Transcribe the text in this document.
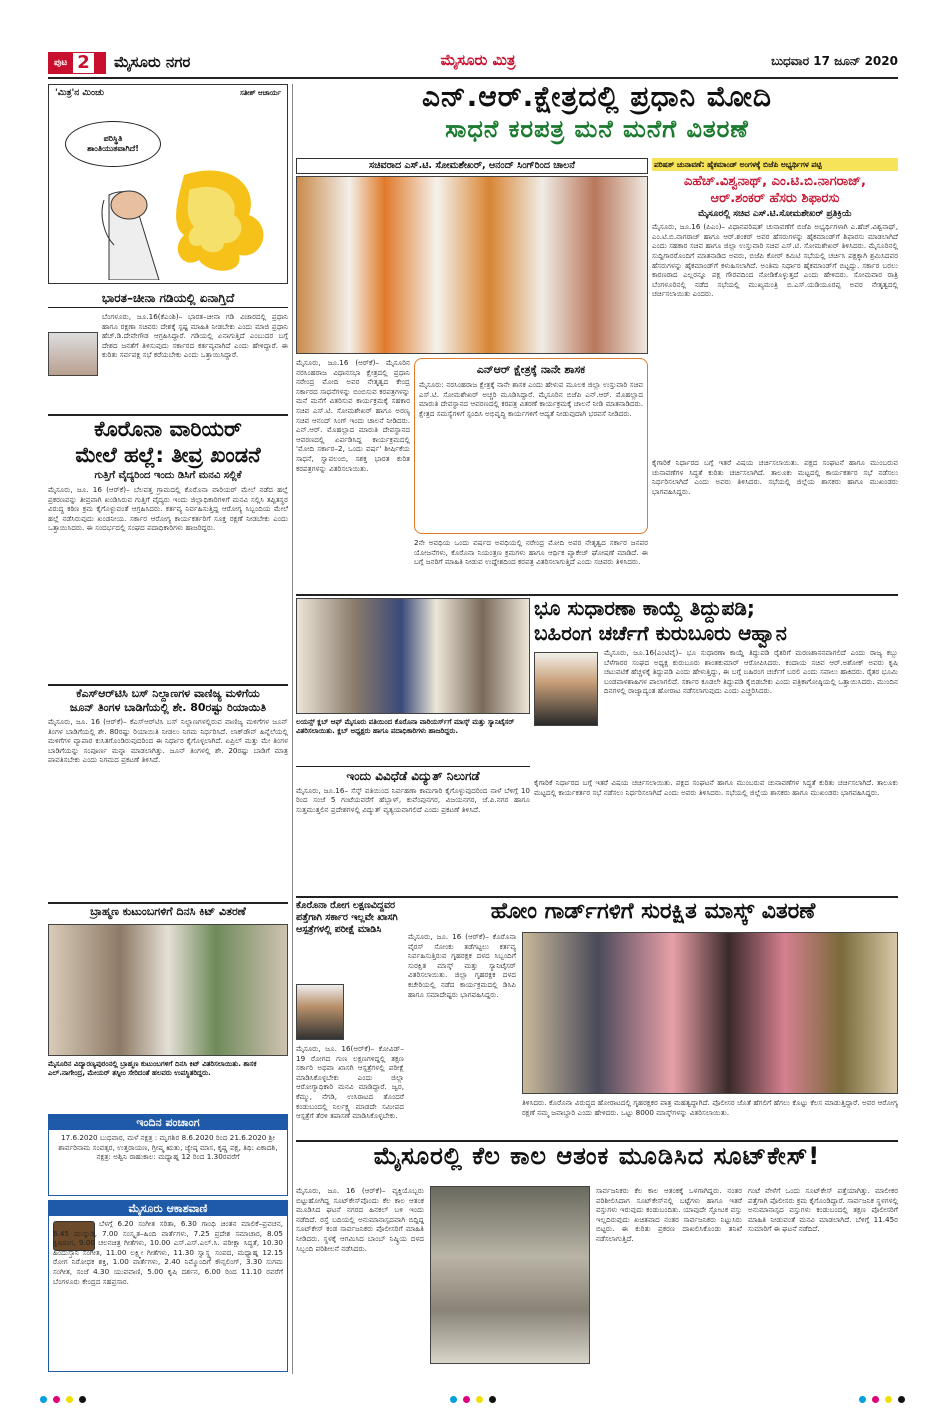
ಪುಟ 2 ಮೈಸೂರು ನಗರ	ಮೈಸೂರು ಮಿತ್ರ	ಬುಧವಾರ 17 ಜೂನ್ 2020
'ಮಿತ್ರ'ನ ಮಿಂಚು	ಸತೀಶ್ ಆಚಾರ್ಯ
ಪರಿಸ್ಥಿತಿ ಶಾಂತಿಯುತವಾಗಿದೆ!
ಭಾರತ–ಚೀನಾ ಗಡಿಯಲ್ಲಿ ಏನಾಗ್ತಿದೆ
ಬೆಂಗಳೂರು, ಜೂ.16(ಕೆಎಂಶಿ)– ಭಾರತ–ಚೀನಾ ಗಡಿ ವಿಚಾರದಲ್ಲಿ ಪ್ರಧಾನಿ ಹಾಗೂ ರಕ್ಷಣಾ ಸಚಿವರು ದೇಶಕ್ಕೆ ಸ್ಪಷ್ಟ ಮಾಹಿತಿ ನೀಡಬೇಕು ಎಂದು ಮಾಜಿ ಪ್ರಧಾನಿ ಹೆಚ್.ಡಿ.ದೇವೇಗೌಡ ಆಗ್ರಹಿಸಿದ್ದಾರೆ. ಗಡಿಯಲ್ಲಿ ಏನಾಗುತ್ತಿದೆ ಎಂಬುದರ ಬಗ್ಗೆ ದೇಶದ ಜನತೆಗೆ ತಿಳಿಸುವುದು ಸರ್ಕಾರದ ಕರ್ತವ್ಯವಾಗಿದೆ ಎಂದು ಹೇಳಿದ್ದಾರೆ. ಈ ಕುರಿತು ಸರ್ವಪಕ್ಷ ಸಭೆ ಕರೆಯಬೇಕು ಎಂದು ಒತ್ತಾಯಿಸಿದ್ದಾರೆ.
ಕೊರೊನಾ ವಾರಿಯರ್
ಮೇಲೆ ಹಲ್ಲೆ: ತೀವ್ರ ಖಂಡನೆ
ಗುತ್ತಿಗೆ ವೈದ್ಯರಿಂದ ಇಂದು ಡಿಸಿಗೆ ಮನವಿ ಸಲ್ಲಿಕೆ
ಮೈಸೂರು, ಜೂ. 16 (ಆರ್‌ಕೆ)– ಬೆಲವತ್ತ ಗ್ರಾಮದಲ್ಲಿ ಕೊರೊನಾ ವಾರಿಯರ್ ಮೇಲೆ ನಡೆದ ಹಲ್ಲೆ ಪ್ರಕರಣವನ್ನು ತೀವ್ರವಾಗಿ ಖಂಡಿಸಿರುವ ಗುತ್ತಿಗೆ ವೈದ್ಯರು ಇಂದು ಜಿಲ್ಲಾಧಿಕಾರಿಗಳಿಗೆ ಮನವಿ ಸಲ್ಲಿಸಿ ತಪ್ಪಿತಸ್ಥರ ವಿರುದ್ಧ ಕಠಿಣ ಕ್ರಮ ಕೈಗೊಳ್ಳುವಂತೆ ಆಗ್ರಹಿಸಿದರು. ಕರ್ತವ್ಯ ನಿರ್ವಹಿಸುತ್ತಿದ್ದ ಆರೋಗ್ಯ ಸಿಬ್ಬಂದಿಯ ಮೇಲೆ ಹಲ್ಲೆ ನಡೆಸಿರುವುದು ಖಂಡನೀಯ. ಸರ್ಕಾರ ಆರೋಗ್ಯ ಕಾರ್ಯಕರ್ತರಿಗೆ ಸೂಕ್ತ ರಕ್ಷಣೆ ನೀಡಬೇಕು ಎಂದು ಒತ್ತಾಯಿಸಿದರು. ಈ ಸಂದರ್ಭದಲ್ಲಿ ಸಂಘದ ಪದಾಧಿಕಾರಿಗಳು ಹಾಜರಿದ್ದರು.
ಕೆಎಸ್‌ಆರ್‌ಟಿಸಿ ಬಸ್ ನಿಲ್ದಾಣಗಳ ವಾಣಿಜ್ಯ ಮಳಿಗೆಯ
ಜೂನ್ ತಿಂಗಳ ಬಾಡಿಗೆಯಲ್ಲಿ ಶೇ. 80ರಷ್ಟು ರಿಯಾಯಿತಿ
ಮೈಸೂರು, ಜೂ. 16 (ಆರ್‌ಕೆ)– ಕೆಎಸ್‌ಆರ್‌ಟಿಸಿ ಬಸ್ ನಿಲ್ದಾಣಗಳಲ್ಲಿರುವ ವಾಣಿಜ್ಯ ಮಳಿಗೆಗಳ ಜೂನ್ ತಿಂಗಳ ಬಾಡಿಗೆಯಲ್ಲಿ ಶೇ. 80ರಷ್ಟು ರಿಯಾಯಿತಿ ನೀಡಲು ನಿಗಮ ನಿರ್ಧರಿಸಿದೆ. ಲಾಕ್‌ಡೌನ್ ಹಿನ್ನೆಲೆಯಲ್ಲಿ ಮಳಿಗೆಗಳ ವ್ಯಾಪಾರ ಕುಸಿತಗೊಂಡಿರುವುದರಿಂದ ಈ ನಿರ್ಧಾರ ಕೈಗೊಳ್ಳಲಾಗಿದೆ. ಏಪ್ರಿಲ್ ಮತ್ತು ಮೇ ತಿಂಗಳ ಬಾಡಿಗೆಯನ್ನು ಸಂಪೂರ್ಣ ಮನ್ನಾ ಮಾಡಲಾಗಿತ್ತು. ಜೂನ್ ತಿಂಗಳಲ್ಲಿ ಶೇ. 20ರಷ್ಟು ಬಾಡಿಗೆ ಮಾತ್ರ ಪಾವತಿಸಬೇಕು ಎಂದು ನಿಗಮದ ಪ್ರಕಟಣೆ ತಿಳಿಸಿದೆ.
ಬ್ರಾಹ್ಮಣ ಕುಟುಂಬಗಳಿಗೆ ದಿನಸಿ ಕಿಟ್ ವಿತರಣೆ
ಮೈಸೂರಿನ ವಿದ್ಯಾರಣ್ಯಪುರಂನಲ್ಲಿ ಬ್ರಾಹ್ಮಣ ಕುಟುಂಬಗಳಿಗೆ ದಿನಸಿ ಕಿಟ್ ವಿತರಿಸಲಾಯಿತು. ಶಾಸಕ ಎಲ್.ನಾಗೇಂದ್ರ, ಮೇಯರ್ ತಸ್ನೀಂ ಸೇರಿದಂತೆ ಹಲವರು ಉಪಸ್ಥಿತರಿದ್ದರು.
ಇಂದಿನ ಪಂಚಾಂಗ
17.6.2020 ಬುಧವಾರ, ಮಳೆ ನಕ್ಷತ್ರ : ಮೃಗಶಿರ 8.6.2020 ರಿಂದ 21.6.2020 ಶ್ರೀ ಶಾರ್ವರಿನಾಮ ಸಂವತ್ಸರ, ಉತ್ತರಾಯಣ, ಗ್ರೀಷ್ಮ ಋತು, ಜ್ಯೇಷ್ಠ ಮಾಸ, ಕೃಷ್ಣ ಪಕ್ಷ, ತಿಥಿ: ಏಕಾದಶಿ, ನಕ್ಷತ್ರ: ಅಶ್ವಿನಿ ರಾಹುಕಾಲ: ಮಧ್ಯಾಹ್ನ 12 ರಿಂದ 1.30ರವರೆಗೆ
ಮೈಸೂರು ಆಕಾಶವಾಣಿ
ಬೆಳಗ್ಗೆ 6.20 ಸಂಗೀತ ಸರಿತಾ, 6.30 ಗಾಂಧಿ ಚಿಂತನ ಮಾಲಿಕೆ–ಪ್ರವಚನ, 6.45 ಮುನ್ನುಡಿ, 7.00 ಸಂಸ್ಕೃತ–ಹಿಂದಿ ವಾರ್ತೆಗಳು, 7.25 ಪ್ರದೇಶ ಸಮಾಚಾರ, 8.05 ಕೃಷಿರಂಗ, 9.00 ಚಲನಚಿತ್ರ ಗೀತೆಗಳು, 10.00 ಎಸ್.ಎಸ್.ಎಲ್.ಸಿ. ಪರೀಕ್ಷಾ ಸಿದ್ಧತೆ, 10.30 ಹಿಂದುಸ್ತಾನಿ ಸಂಗೀತ, 11.00 ಲಕ್ಷ್ಮೀ ಗೀತೆಗಳು, 11.30 ಸ್ವಾಸ್ಥ್ಯ ಸಂಪದ, ಮಧ್ಯಾಹ್ನ 12.15 ರೋಗ ನಿರೋಧಕ ಶಕ್ತಿ, 1.00 ವಾರ್ತೆಗಳು, 2.40 ನಿಮ್ಮೊಂದಿಗೆ ಕೌನ್ಸಲಿಂಗ್, 3.30 ಸುಗಮ ಸಂಗೀತ, ಸಂಜೆ 4.30 ಯುವವಾಣಿ, 5.00 ಕೃಷಿ ದರ್ಶನ, 6.00 ರಿಂದ 11.10 ರವರೆಗೆ ಬೆಂಗಳೂರು ಕೇಂದ್ರದ ಸಹಪ್ರಸಾರ.
ಎನ್.ಆರ್.ಕ್ಷೇತ್ರದಲ್ಲಿ ಪ್ರಧಾನಿ ಮೋದಿ
ಸಾಧನೆ ಕರಪತ್ರ ಮನೆ ಮನೆಗೆ ವಿತರಣೆ
ಸಚಿವರಾದ ಎಸ್.ಟಿ. ಸೋಮಶೇಖರ್, ಆನಂದ್ ಸಿಂಗ್‌ರಿಂದ ಚಾಲನೆ
ಮೈಸೂರು, ಜೂ.16 (ಆರ್‌ಕೆ)– ಮೈಸೂರಿನ ನರಸಿಂಹರಾಜ ವಿಧಾನಸಭಾ ಕ್ಷೇತ್ರದಲ್ಲಿ ಪ್ರಧಾನಿ ನರೇಂದ್ರ ಮೋದಿ ಅವರ ನೇತೃತ್ವದ ಕೇಂದ್ರ ಸರ್ಕಾರದ ಸಾಧನೆಗಳನ್ನು ಬಿಂಬಿಸುವ ಕರಪತ್ರಗಳನ್ನು ಮನೆ ಮನೆಗೆ ವಿತರಿಸುವ ಕಾರ್ಯಕ್ರಮಕ್ಕೆ ಸಹಕಾರ ಸಚಿವ ಎಸ್.ಟಿ. ಸೋಮಶೇಖರ್ ಹಾಗೂ ಅರಣ್ಯ ಸಚಿವ ಆನಂದ್ ಸಿಂಗ್ ಇಂದು ಚಾಲನೆ ನೀಡಿದರು. ಎನ್.ಆರ್. ಮೊಹಲ್ಲಾದ ಮಾರುತಿ ದೇವಸ್ಥಾನದ ಆವರಣದಲ್ಲಿ ಏರ್ಪಡಿಸಿದ್ದ ಕಾರ್ಯಕ್ರಮದಲ್ಲಿ 'ಮೋದಿ ಸರ್ಕಾರ–2, ಒಂದು ವರ್ಷ' ಶೀರ್ಷಿಕೆಯ ಸಾಧನೆ, ಸ್ವಾವಲಂಬಿ, ಸಶಕ್ತ ಭಾರತ ಕುರಿತ ಕರಪತ್ರಗಳನ್ನು ವಿತರಿಸಲಾಯಿತು.
ಎನ್‌ಆರ್ ಕ್ಷೇತ್ರಕ್ಕೆ ನಾನೇ ಶಾಸಕ
ಮೈಸೂರು: ನರಸಿಂಹರಾಜ ಕ್ಷೇತ್ರಕ್ಕೆ ನಾನೇ ಶಾಸಕ ಎಂದು ಹೇಳುವ ಮೂಲಕ ಜಿಲ್ಲಾ ಉಸ್ತುವಾರಿ ಸಚಿವ ಎಸ್.ಟಿ. ಸೋಮಶೇಖರ್ ಅಚ್ಚರಿ ಮೂಡಿಸಿದ್ದಾರೆ. ಮೈಸೂರಿನ ಬಿಜೆಪಿ ಎನ್.ಆರ್. ಮೊಹಲ್ಲಾದ ಮಾರುತಿ ದೇವಸ್ಥಾನದ ಆವರಣದಲ್ಲಿ ಕರಪತ್ರ ವಿತರಣೆ ಕಾರ್ಯಕ್ರಮಕ್ಕೆ ಚಾಲನೆ ನೀಡಿ ಮಾತನಾಡಿದರು. ಕ್ಷೇತ್ರದ ಸಮಸ್ಯೆಗಳಿಗೆ ಸ್ಪಂದಿಸಿ ಅಭಿವೃದ್ಧಿ ಕಾರ್ಯಗಳಿಗೆ ಆದ್ಯತೆ ನೀಡುವುದಾಗಿ ಭರವಸೆ ನೀಡಿದರು.
2ನೇ ಅವಧಿಯ ಒಂದು ವರ್ಷದ ಅವಧಿಯಲ್ಲಿ ನರೇಂದ್ರ ಮೋದಿ ಅವರ ನೇತೃತ್ವದ ಸರ್ಕಾರ ಜನಪರ ಯೋಜನೆಗಳು, ಕೊರೊನಾ ನಿಯಂತ್ರಣ ಕ್ರಮಗಳು ಹಾಗೂ ಆರ್ಥಿಕ ಪ್ಯಾಕೇಜ್ ಘೋಷಣೆ ಮಾಡಿದೆ. ಈ ಬಗ್ಗೆ ಜನರಿಗೆ ಮಾಹಿತಿ ನೀಡುವ ಉದ್ದೇಶದಿಂದ ಕರಪತ್ರ ವಿತರಿಸಲಾಗುತ್ತಿದೆ ಎಂದು ಸಚಿವರು ತಿಳಿಸಿದರು.
ಪರಿಷತ್ ಚುನಾವಣೆ: ಹೈಕಮಾಂಡ್ ಅಂಗಳಕ್ಕೆ ಬಿಜೆಪಿ ಅಭ್ಯರ್ಥಿಗಳ ಪಟ್ಟಿ
ಎಹೆಚ್.ವಿಶ್ವನಾಥ್, ಎಂ.ಟಿ.ಬಿ.ನಾಗರಾಜ್,
ಆರ್.ಶಂಕರ್ ಹೆಸರು ಶಿಫಾರಸು
ಮೈಸೂರಲ್ಲಿ ಸಚಿವ ಎಸ್.ಟಿ.ಸೋಮಶೇಖರ್ ಪ್ರತಿಕ್ರಿಯೆ
ಮೈಸೂರು, ಜೂ.16 (ಪಿಎಂ)– ವಿಧಾನಪರಿಷತ್ ಚುನಾವಣೆಗೆ ಬಿಜೆಪಿ ಅಭ್ಯರ್ಥಿಗಳಾಗಿ ಎ.ಹೆಚ್.ವಿಶ್ವನಾಥ್, ಎಂ.ಟಿ.ಬಿ.ನಾಗರಾಜ್ ಹಾಗೂ ಆರ್.ಶಂಕರ್ ಅವರ ಹೆಸರುಗಳನ್ನು ಹೈಕಮಾಂಡ್‌ಗೆ ಶಿಫಾರಸು ಮಾಡಲಾಗಿದೆ ಎಂದು ಸಹಕಾರ ಸಚಿವ ಹಾಗೂ ಜಿಲ್ಲಾ ಉಸ್ತುವಾರಿ ಸಚಿವ ಎಸ್.ಟಿ. ಸೋಮಶೇಖರ್ ತಿಳಿಸಿದರು. ಮೈಸೂರಿನಲ್ಲಿ ಸುದ್ದಿಗಾರರೊಂದಿಗೆ ಮಾತನಾಡಿದ ಅವರು, ಬಿಜೆಪಿ ಕೋರ್ ಕಮಿಟಿ ಸಭೆಯಲ್ಲಿ ಚರ್ಚಿಸಿ ಪಕ್ಷಕ್ಕಾಗಿ ಶ್ರಮಿಸಿದವರ ಹೆಸರುಗಳನ್ನು ಹೈಕಮಾಂಡ್‌ಗೆ ಕಳುಹಿಸಲಾಗಿದೆ. ಅಂತಿಮ ನಿರ್ಧಾರ ಹೈಕಮಾಂಡ್‌ಗೆ ಬಿಟ್ಟದ್ದು. ಸರ್ಕಾರ ಬರಲು ಕಾರಣರಾದ ಎಲ್ಲರನ್ನೂ ಪಕ್ಷ ಗೌರವದಿಂದ ನೋಡಿಕೊಳ್ಳುತ್ತದೆ ಎಂದು ಹೇಳಿದರು. ಸೋಮವಾರ ರಾತ್ರಿ ಬೆಂಗಳೂರಿನಲ್ಲಿ ನಡೆದ ಸಭೆಯಲ್ಲಿ ಮುಖ್ಯಮಂತ್ರಿ ಬಿ.ಎಸ್.ಯಡಿಯೂರಪ್ಪ ಅವರ ನೇತೃತ್ವದಲ್ಲಿ ಚರ್ಚಿಸಲಾಯಿತು ಎಂದರು.
ಕೈಗಾರಿಕೆ ನಿರ್ಧಾರದ ಬಗ್ಗೆ ಇತರೆ ವಿಷಯ ಚರ್ಚಿಸಲಾಯಿತು. ಪಕ್ಷದ ಸಂಘಟನೆ ಹಾಗೂ ಮುಂಬರುವ ಚುನಾವಣೆಗಳ ಸಿದ್ಧತೆ ಕುರಿತು ಚರ್ಚಿಸಲಾಗಿದೆ. ತಾಲೂಕು ಮಟ್ಟದಲ್ಲಿ ಕಾರ್ಯಕರ್ತರ ಸಭೆ ನಡೆಸಲು ನಿರ್ಧರಿಸಲಾಗಿದೆ ಎಂದು ಅವರು ತಿಳಿಸಿದರು. ಸಭೆಯಲ್ಲಿ ಜಿಲ್ಲೆಯ ಶಾಸಕರು ಹಾಗೂ ಮುಖಂಡರು ಭಾಗವಹಿಸಿದ್ದರು.
ಲಯನ್ಸ್ ಕ್ಲಬ್ ಆಫ್ ಮೈಸೂರು ವತಿಯಿಂದ ಕೊರೊನಾ ವಾರಿಯರ್ಸ್‌ಗೆ ಮಾಸ್ಕ್ ಮತ್ತು ಸ್ಯಾನಿಟೈಸರ್ ವಿತರಿಸಲಾಯಿತು. ಕ್ಲಬ್ ಅಧ್ಯಕ್ಷರು ಹಾಗೂ ಪದಾಧಿಕಾರಿಗಳು ಹಾಜರಿದ್ದರು.
ಭೂ ಸುಧಾರಣಾ ಕಾಯ್ದೆ ತಿದ್ದುಪಡಿ;
ಬಹಿರಂಗ ಚರ್ಚೆಗೆ ಕುರುಬೂರು ಆಹ್ವಾನ
ಮೈಸೂರು, ಜೂ.16(ಎಂಟಿವೈ)– ಭೂ ಸುಧಾರಣಾ ಕಾಯ್ದೆ ತಿದ್ದುಪಡಿ ರೈತರಿಗೆ ಮರಣಶಾಸನವಾಗಲಿದೆ ಎಂದು ರಾಜ್ಯ ಕಬ್ಬು ಬೆಳೆಗಾರರ ಸಂಘದ ಅಧ್ಯಕ್ಷ ಕುರುಬೂರು ಶಾಂತಕುಮಾರ್ ಆರೋಪಿಸಿದರು. ಕಂದಾಯ ಸಚಿವ ಆರ್.ಅಶೋಕ್ ಅವರು ಕೃಷಿ ಚಟುವಟಿಕೆ ಹೆಚ್ಚಳಕ್ಕೆ ತಿದ್ದುಪಡಿ ಎಂದು ಹೇಳುತ್ತಿದ್ದು, ಈ ಬಗ್ಗೆ ಬಹಿರಂಗ ಚರ್ಚೆಗೆ ಬರಲಿ ಎಂದು ಸವಾಲು ಹಾಕಿದರು. ರೈತರ ಭೂಮಿ ಬಂಡವಾಳಶಾಹಿಗಳ ಪಾಲಾಗಲಿದೆ. ಸರ್ಕಾರ ಕೂಡಲೇ ತಿದ್ದುಪಡಿ ಕೈಬಿಡಬೇಕು ಎಂದು ಪತ್ರಿಕಾಗೋಷ್ಠಿಯಲ್ಲಿ ಒತ್ತಾಯಿಸಿದರು. ಮುಂದಿನ ದಿನಗಳಲ್ಲಿ ರಾಜ್ಯಾದ್ಯಂತ ಹೋರಾಟ ನಡೆಸಲಾಗುವುದು ಎಂದು ಎಚ್ಚರಿಸಿದರು.
ಇಂದು ವಿವಿಧೆಡೆ ವಿದ್ಯುತ್ ನಿಲುಗಡೆ
ಮೈಸೂರು, ಜೂ.16– ಸೆಸ್ಕ್ ವತಿಯಿಂದ ನಿರ್ವಹಣಾ ಕಾಮಗಾರಿ ಕೈಗೊಳ್ಳುವುದರಿಂದ ನಾಳೆ ಬೆಳಿಗ್ಗೆ 10 ರಿಂದ ಸಂಜೆ 5 ಗಂಟೆಯವರೆಗೆ ಹೆಬ್ಬಾಳ್, ಕುವೆಂಪುನಗರ, ವಿಜಯನಗರ, ಜೆ.ಪಿ.ನಗರ ಹಾಗೂ ಸುತ್ತಮುತ್ತಲಿನ ಪ್ರದೇಶಗಳಲ್ಲಿ ವಿದ್ಯುತ್ ವ್ಯತ್ಯಯವಾಗಲಿದೆ ಎಂದು ಪ್ರಕಟಣೆ ತಿಳಿಸಿದೆ.
ಕೈಗಾರಿಕೆ ನಿರ್ಧಾರದ ಬಗ್ಗೆ ಇತರೆ ವಿಷಯ ಚರ್ಚಿಸಲಾಯಿತು. ಪಕ್ಷದ ಸಂಘಟನೆ ಹಾಗೂ ಮುಂಬರುವ ಚುನಾವಣೆಗಳ ಸಿದ್ಧತೆ ಕುರಿತು ಚರ್ಚಿಸಲಾಗಿದೆ. ತಾಲೂಕು ಮಟ್ಟದಲ್ಲಿ ಕಾರ್ಯಕರ್ತರ ಸಭೆ ನಡೆಸಲು ನಿರ್ಧರಿಸಲಾಗಿದೆ ಎಂದು ಅವರು ತಿಳಿಸಿದರು. ಸಭೆಯಲ್ಲಿ ಜಿಲ್ಲೆಯ ಶಾಸಕರು ಹಾಗೂ ಮುಖಂಡರು ಭಾಗವಹಿಸಿದ್ದರು.
ಕೊರೊನಾ ರೋಗ ಲಕ್ಷಣವಿದ್ದವರ ಪತ್ತೆಗಾಗಿ ಸರ್ಕಾರ ಇಲ್ಲವೇ ಖಾಸಗಿ ಆಸ್ಪತ್ರೆಗಳಲ್ಲಿ ಪರೀಕ್ಷೆ ಮಾಡಿಸಿ
ಮೈಸೂರು, ಜೂ. 16(ಆರ್‌ಕೆ)– ಕೋವಿಡ್–19 ರೋಗದ ಗುಣ ಲಕ್ಷಣಗಳಿದ್ದಲ್ಲಿ ತಕ್ಷಣ ಸರ್ಕಾರಿ ಅಥವಾ ಖಾಸಗಿ ಆಸ್ಪತ್ರೆಗಳಲ್ಲಿ ಪರೀಕ್ಷೆ ಮಾಡಿಸಿಕೊಳ್ಳಬೇಕು ಎಂದು ಜಿಲ್ಲಾ ಆರೋಗ್ಯಾಧಿಕಾರಿ ಮನವಿ ಮಾಡಿದ್ದಾರೆ. ಜ್ವರ, ಕೆಮ್ಮು, ನೆಗಡಿ, ಉಸಿರಾಟದ ತೊಂದರೆ ಕಂಡುಬಂದಲ್ಲಿ ನಿರ್ಲಕ್ಷ್ಯ ಮಾಡದೇ ಸಮೀಪದ ಆಸ್ಪತ್ರೆಗೆ ತೆರಳಿ ತಪಾಸಣೆ ಮಾಡಿಸಿಕೊಳ್ಳಬೇಕು.
ಹೋಂ ಗಾರ್ಡ್‌ಗಳಿಗೆ ಸುರಕ್ಷಿತ ಮಾಸ್ಕ್ ವಿತರಣೆ
ಮೈಸೂರು, ಜೂ. 16 (ಆರ್‌ಕೆ)– ಕೊರೊನಾ ವೈರಸ್ ಸೋಂಕು ತಡೆಗಟ್ಟಲು ಕರ್ತವ್ಯ ನಿರ್ವಹಿಸುತ್ತಿರುವ ಗೃಹರಕ್ಷಕ ದಳದ ಸಿಬ್ಬಂದಿಗೆ ಸುರಕ್ಷಿತ ಮಾಸ್ಕ್ ಮತ್ತು ಸ್ಯಾನಿಟೈಸರ್ ವಿತರಿಸಲಾಯಿತು. ಜಿಲ್ಲಾ ಗೃಹರಕ್ಷಕ ದಳದ ಕಚೇರಿಯಲ್ಲಿ ನಡೆದ ಕಾರ್ಯಕ್ರಮದಲ್ಲಿ ಡಿಸಿಪಿ ಹಾಗೂ ಸಮಾದೇಷ್ಟರು ಭಾಗವಹಿಸಿದ್ದರು.
ತಿಳಿಸಿದರು. ಕೊರೊನಾ ವಿರುದ್ಧದ ಹೋರಾಟದಲ್ಲಿ ಗೃಹರಕ್ಷಕರ ಪಾತ್ರ ಮಹತ್ವದ್ದಾಗಿದೆ. ಪೊಲೀಸರ ಜೊತೆ ಹೆಗಲಿಗೆ ಹೆಗಲು ಕೊಟ್ಟು ಕೆಲಸ ಮಾಡುತ್ತಿದ್ದಾರೆ. ಅವರ ಆರೋಗ್ಯ ರಕ್ಷಣೆ ನಮ್ಮ ಜವಾಬ್ದಾರಿ ಎಂದು ಹೇಳಿದರು. ಒಟ್ಟು 8000 ಮಾಸ್ಕ್‌ಗಳನ್ನು ವಿತರಿಸಲಾಯಿತು.
ಮೈಸೂರಲ್ಲಿ ಕೆಲ ಕಾಲ ಆತಂಕ ಮೂಡಿಸಿದ ಸೂಟ್‌ಕೇಸ್!
ಮೈಸೂರು, ಜೂ. 16 (ಆರ್‌ಕೆ)– ವ್ಯಕ್ತಿಯೊಬ್ಬರು ಬಿಟ್ಟುಹೋಗಿದ್ದ ಸೂಟ್‌ಕೇಸ್‌ವೊಂದು ಕೆಲ ಕಾಲ ಆತಂಕ ಮೂಡಿಸಿದ ಘಟನೆ ನಗರದ ಹಿನಕಲ್ ಬಳಿ ಇಂದು ನಡೆದಿದೆ. ರಸ್ತೆ ಬದಿಯಲ್ಲಿ ಅನುಮಾನಾಸ್ಪದವಾಗಿ ಬಿದ್ದಿದ್ದ ಸೂಟ್‌ಕೇಸ್ ಕಂಡ ಸಾರ್ವಜನಿಕರು ಪೊಲೀಸರಿಗೆ ಮಾಹಿತಿ ನೀಡಿದರು. ಸ್ಥಳಕ್ಕೆ ಆಗಮಿಸಿದ ಬಾಂಬ್ ನಿಷ್ಕ್ರಿಯ ದಳದ ಸಿಬ್ಬಂದಿ ಪರಿಶೀಲನೆ ನಡೆಸಿದರು.
ಸಾರ್ವಜನಿಕರು ಕೆಲ ಕಾಲ ಆತಂಕಕ್ಕೆ ಒಳಗಾಗಿದ್ದರು. ನಂತರ ಪರಿಶೀಲಿಸಿದಾಗ ಸೂಟ್‌ಕೇಸ್‌ನಲ್ಲಿ ಬಟ್ಟೆಗಳು ಹಾಗೂ ಇತರೆ ವಸ್ತುಗಳು ಇರುವುದು ಕಂಡುಬಂದಿತು. ಯಾವುದೇ ಸ್ಫೋಟಕ ವಸ್ತು ಇಲ್ಲದಿರುವುದು ಖಚಿತವಾದ ನಂತರ ಸಾರ್ವಜನಿಕರು ನಿಟ್ಟುಸಿರು ಬಿಟ್ಟರು. ಈ ಕುರಿತು ಪ್ರಕರಣ ದಾಖಲಿಸಿಕೊಂಡು ತನಿಖೆ ನಡೆಸಲಾಗುತ್ತಿದೆ.
ಗಂಟೆ ವೇಳೆಗೆ ಒಂದು ಸೂಟ್‌ಕೇಸ್ ಪತ್ತೆಯಾಗಿತ್ತು. ಮಾಲೀಕರ ಪತ್ತೆಗಾಗಿ ಪೊಲೀಸರು ಕ್ರಮ ಕೈಗೊಂಡಿದ್ದಾರೆ. ಸಾರ್ವಜನಿಕ ಸ್ಥಳಗಳಲ್ಲಿ ಅನುಮಾನಾಸ್ಪದ ವಸ್ತುಗಳು ಕಂಡುಬಂದಲ್ಲಿ ತಕ್ಷಣ ಪೊಲೀಸರಿಗೆ ಮಾಹಿತಿ ನೀಡುವಂತೆ ಮನವಿ ಮಾಡಲಾಗಿದೆ. ಬೆಳಿಗ್ಗೆ 11.45ರ ಸುಮಾರಿಗೆ ಈ ಘಟನೆ ನಡೆದಿದೆ.
